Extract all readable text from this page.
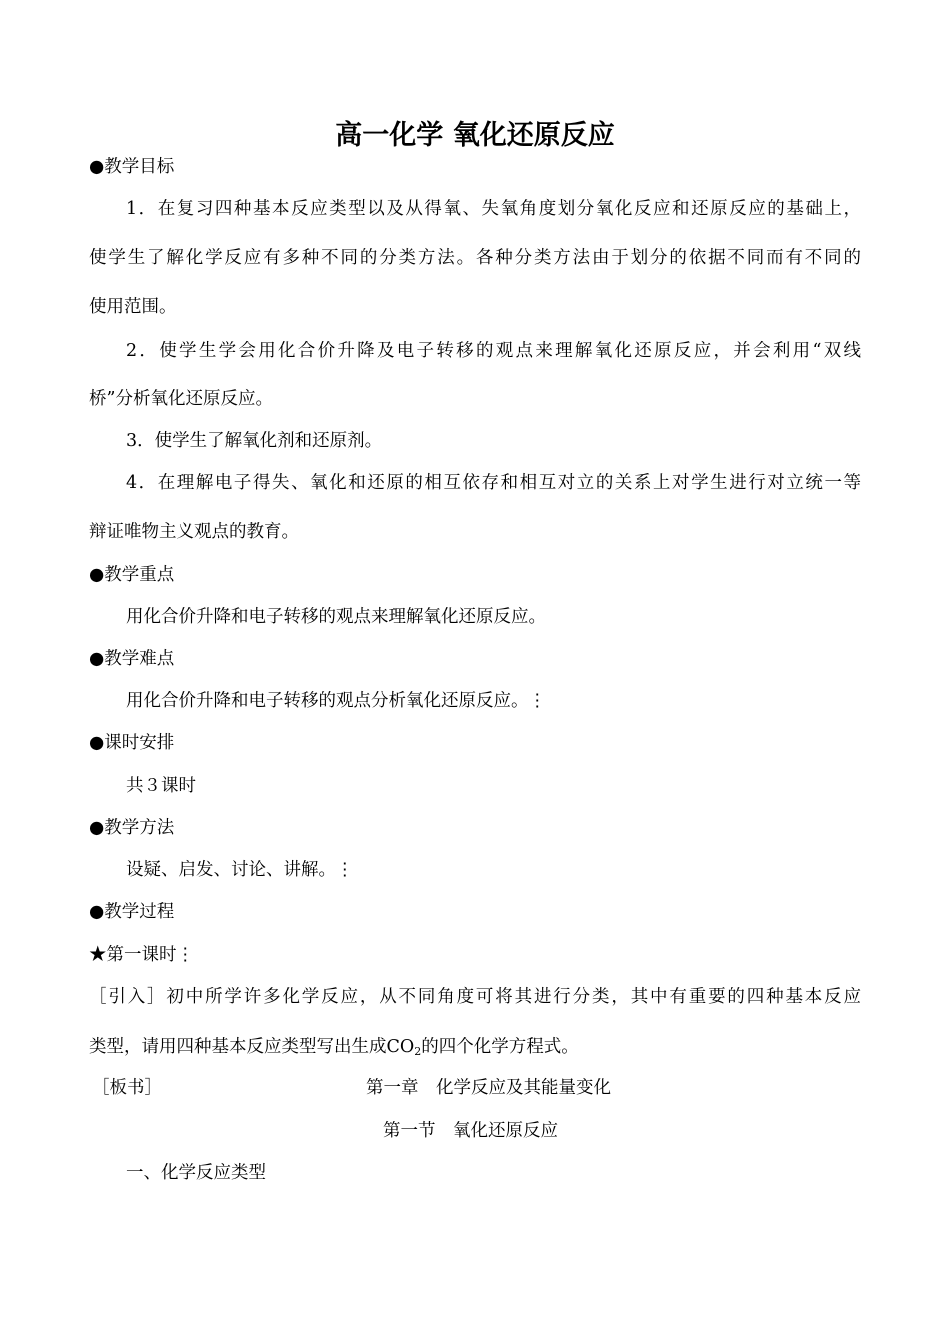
高一化学 氧化还原反应
●教学目标
1．在复习四种基本反应类型以及从得氧、失氧角度划分氧化反应和还原反应的基础上，
使学生了解化学反应有多种不同的分类方法。各种分类方法由于划分的依据不同而有不同的
使用范围。
2．使学生学会用化合价升降及电子转移的观点来理解氧化还原反应，并会利用“双线
桥”分析氧化还原反应。
3．使学生了解氧化剂和还原剂。
4．在理解电子得失、氧化和还原的相互依存和相互对立的关系上对学生进行对立统一等
辩证唯物主义观点的教育。
●教学重点
用化合价升降和电子转移的观点来理解氧化还原反应。
●教学难点
用化合价升降和电子转移的观点分析氧化还原反应。⋮
●课时安排
共３课时
●教学方法
设疑、启发、讨论、讲解。⋮
●教学过程
★第一课时⋮
［引入］初中所学许多化学反应，从不同角度可将其进行分类，其中有重要的四种基本反应
类型，请用四种基本反应类型写出生成$CO_2$的四个化学方程式。
［板书］	第一章　化学反应及其能量变化
第一节　氧化还原反应
一、化学反应类型
